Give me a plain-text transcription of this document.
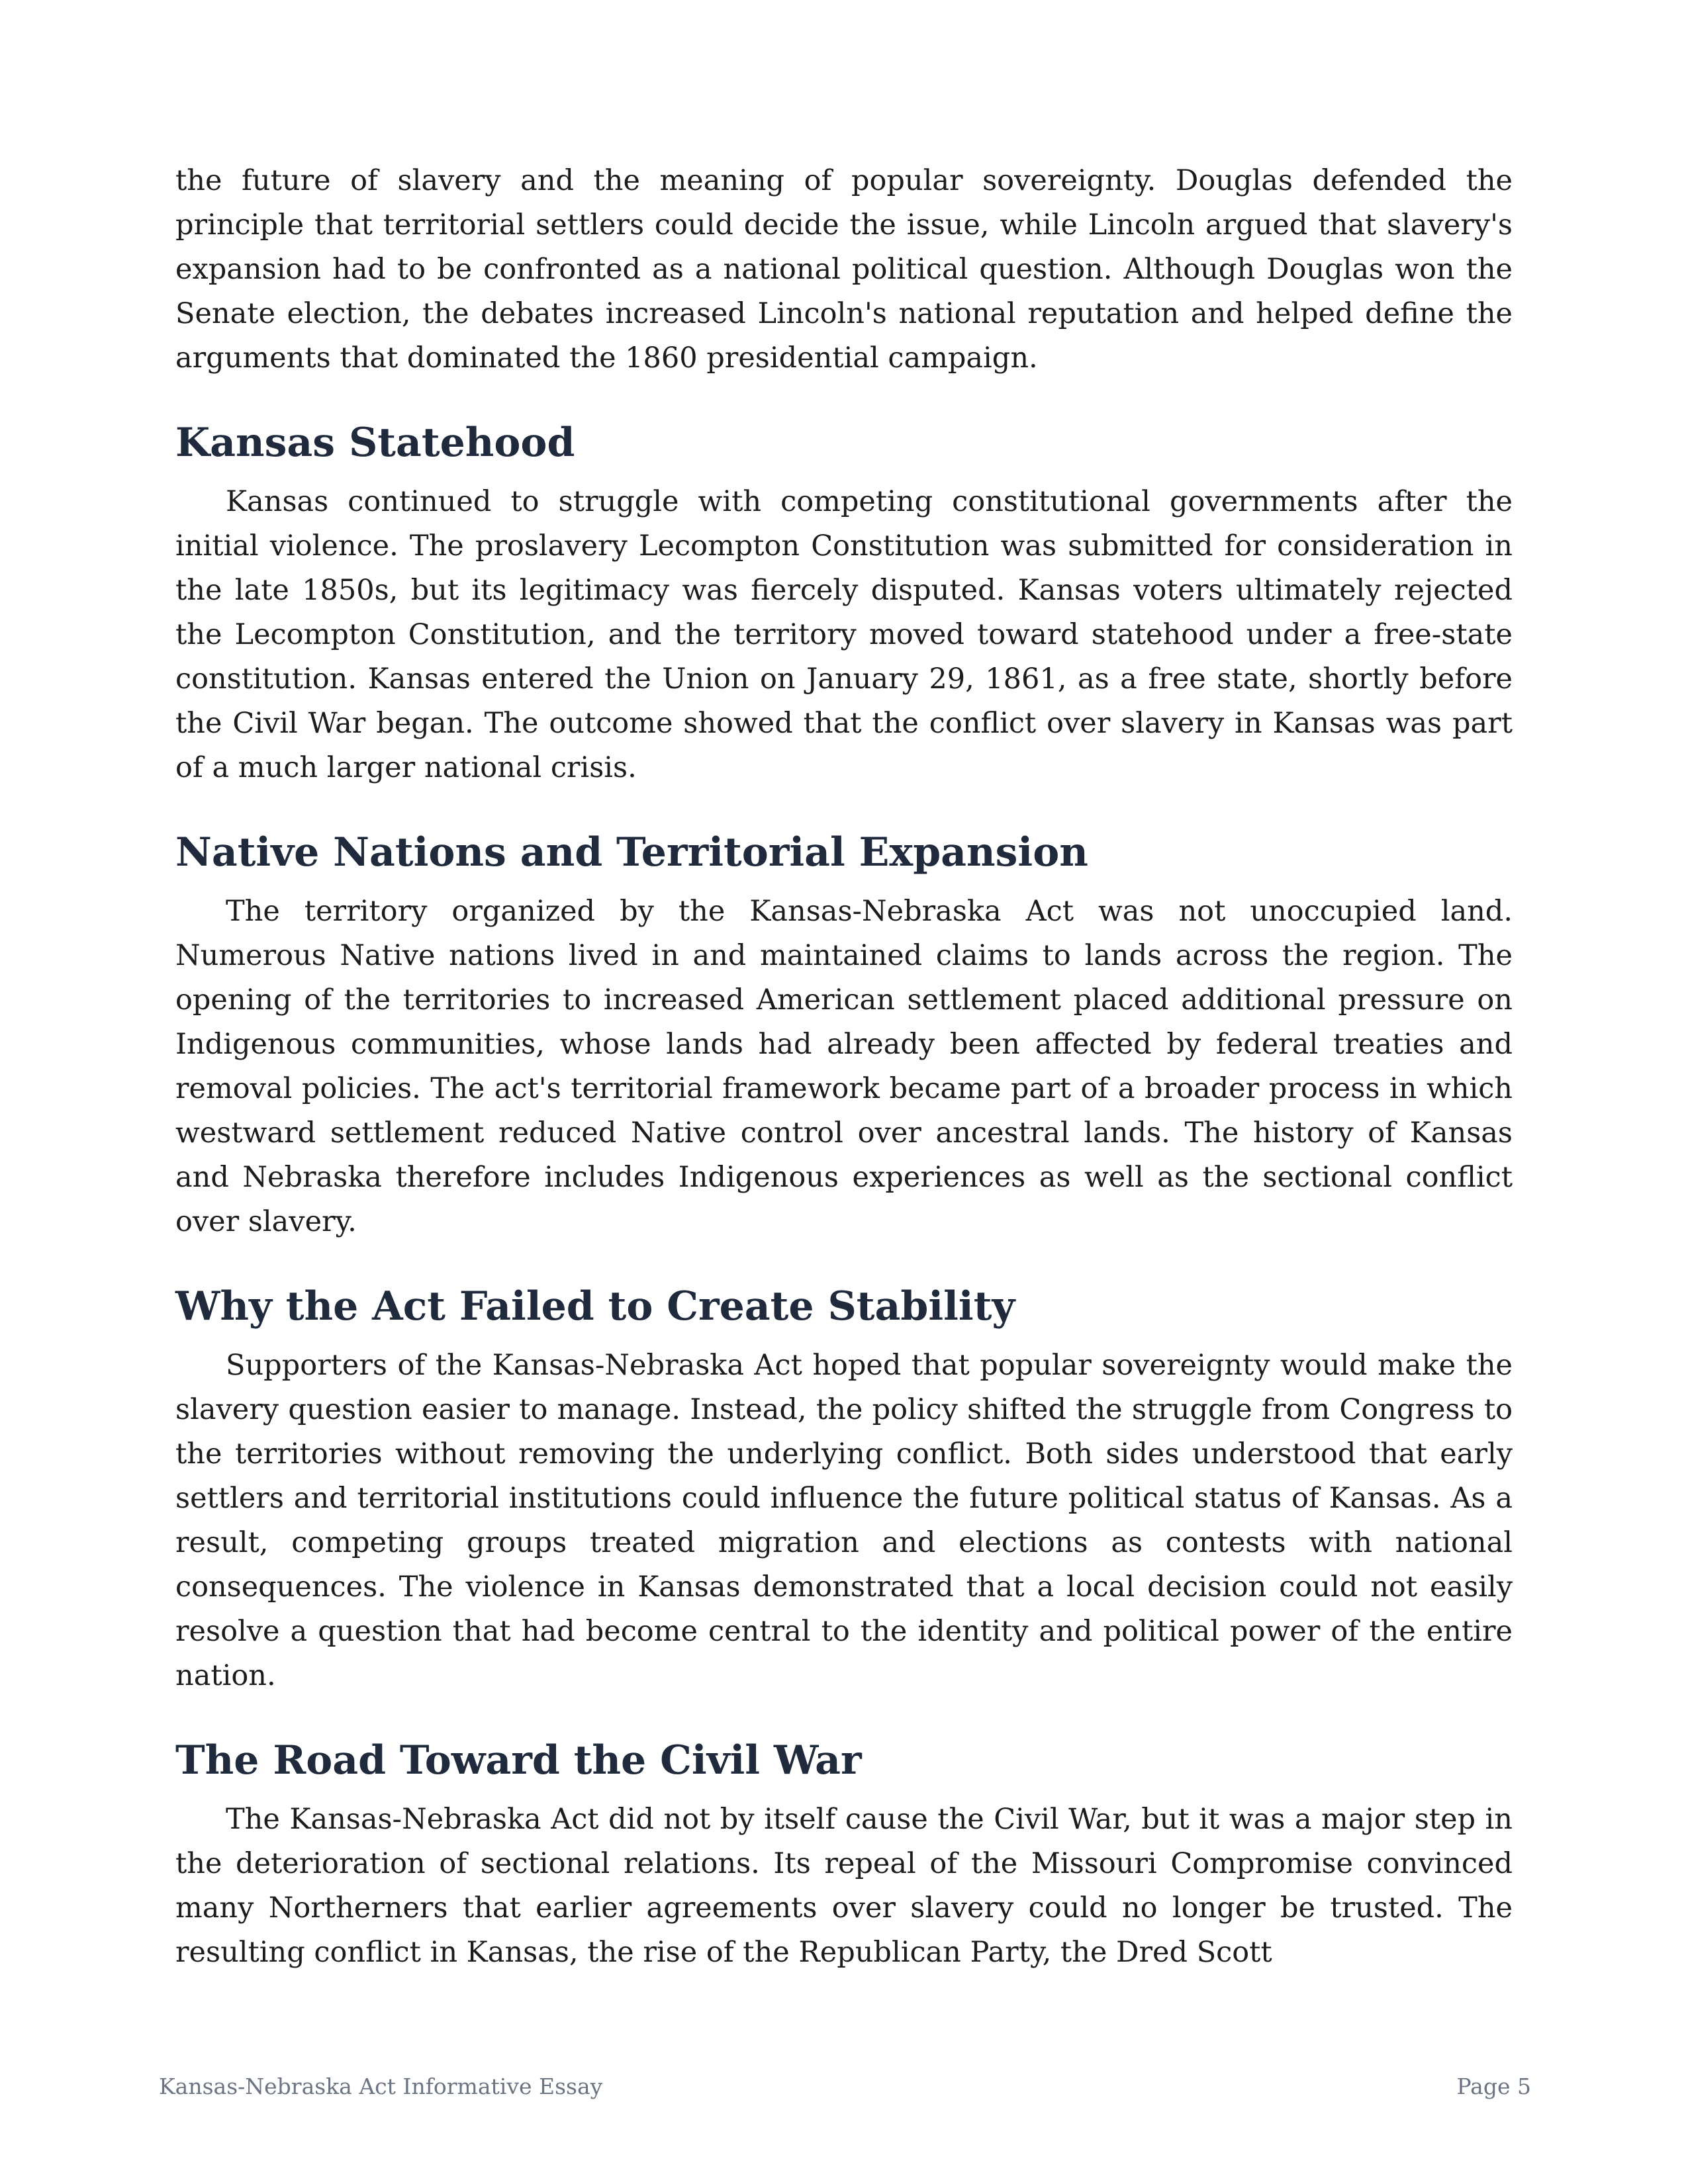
the future of slavery and the meaning of popular sovereignty. Douglas defended the principle that territorial settlers could decide the issue, while Lincoln argued that slavery's expansion had to be confronted as a national political question. Although Douglas won the Senate election, the debates increased Lincoln's national reputation and helped define the arguments that dominated the 1860 presidential campaign.

Kansas Statehood

Kansas continued to struggle with competing constitutional governments after the initial violence. The proslavery Lecompton Constitution was submitted for consideration in the late 1850s, but its legitimacy was fiercely disputed. Kansas voters ultimately rejected the Lecompton Constitution, and the territory moved toward statehood under a free-state constitution. Kansas entered the Union on January 29, 1861, as a free state, shortly before the Civil War began. The outcome showed that the conflict over slavery in Kansas was part of a much larger national crisis.

Native Nations and Territorial Expansion

The territory organized by the Kansas-Nebraska Act was not unoccupied land. Numerous Native nations lived in and maintained claims to lands across the region. The opening of the territories to increased American settlement placed additional pressure on Indigenous communities, whose lands had already been affected by federal treaties and removal policies. The act's territorial framework became part of a broader process in which westward settlement reduced Native control over ancestral lands. The history of Kansas and Nebraska therefore includes Indigenous experiences as well as the sectional conflict over slavery.

Why the Act Failed to Create Stability

Supporters of the Kansas-Nebraska Act hoped that popular sovereignty would make the slavery question easier to manage. Instead, the policy shifted the struggle from Congress to the territories without removing the underlying conflict. Both sides understood that early settlers and territorial institutions could influence the future political status of Kansas. As a result, competing groups treated migration and elections as contests with national consequences. The violence in Kansas demonstrated that a local decision could not easily resolve a question that had become central to the identity and political power of the entire nation.

The Road Toward the Civil War

The Kansas-Nebraska Act did not by itself cause the Civil War, but it was a major step in the deterioration of sectional relations. Its repeal of the Missouri Compromise convinced many Northerners that earlier agreements over slavery could no longer be trusted. The resulting conflict in Kansas, the rise of the Republican Party, the Dred Scott

Kansas-Nebraska Act Informative Essay	Page 5
